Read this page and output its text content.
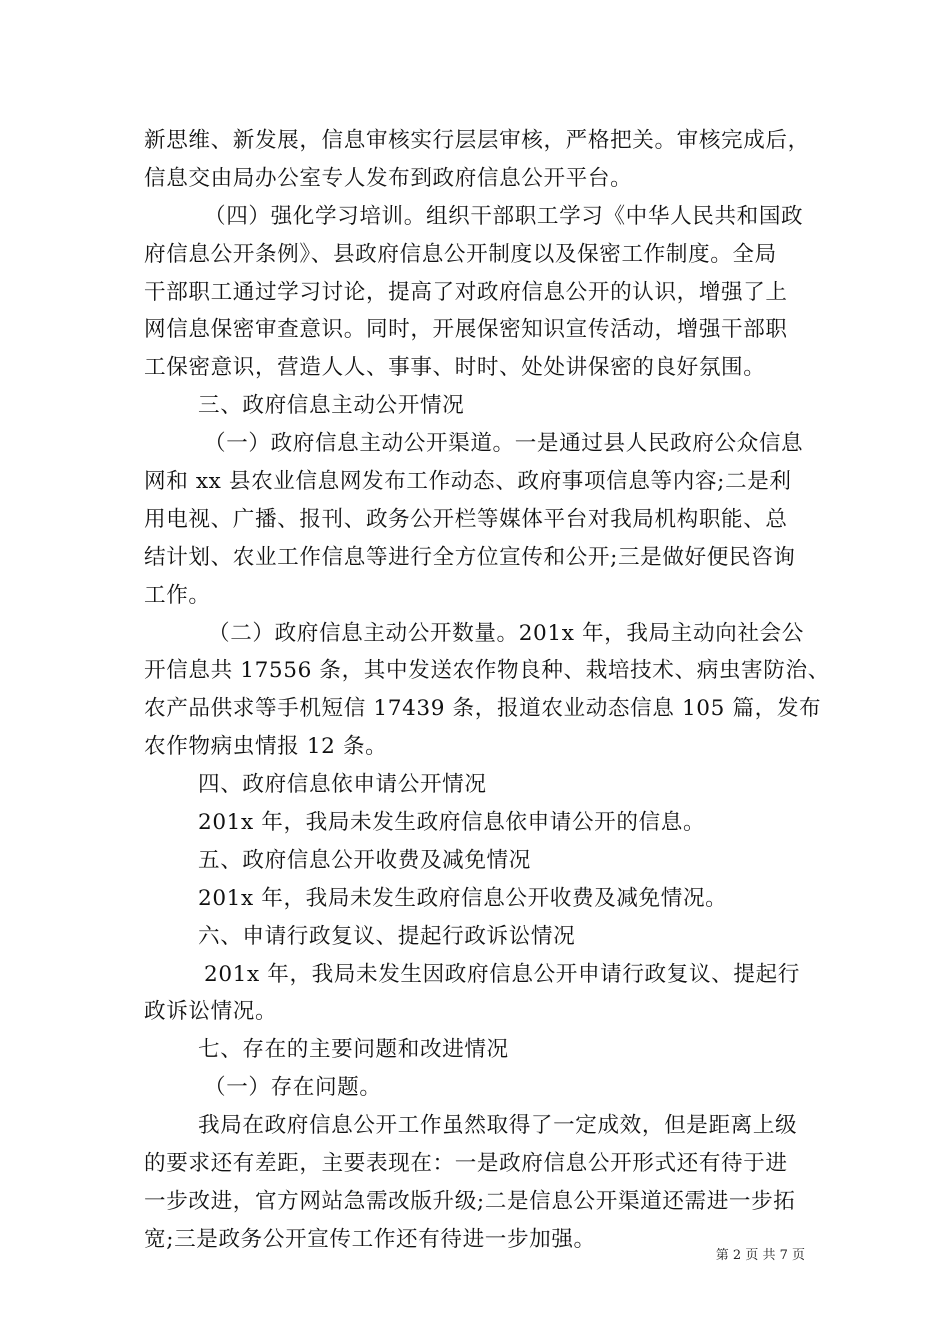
新思维、新发展，信息审核实行层层审核，严格把关。审核完成后，
信息交由局办公室专人发布到政府信息公开平台。
（四）强化学习培训。组织干部职工学习《中华人民共和国政
府信息公开条例》、县政府信息公开制度以及保密工作制度。全局
干部职工通过学习讨论，提高了对政府信息公开的认识，增强了上
网信息保密审查意识。同时，开展保密知识宣传活动，增强干部职
工保密意识，营造人人、事事、时时、处处讲保密的良好氛围。
三、政府信息主动公开情况
（一）政府信息主动公开渠道。一是通过县人民政府公众信息
网和 xx 县农业信息网发布工作动态、政府事项信息等内容;二是利
用电视、广播、报刊、政务公开栏等媒体平台对我局机构职能、总
结计划、农业工作信息等进行全方位宣传和公开;三是做好便民咨询
工作。
（二）政府信息主动公开数量。201x 年，我局主动向社会公
开信息共 17556 条，其中发送农作物良种、栽培技术、病虫害防治、
农产品供求等手机短信 17439 条，报道农业动态信息 105 篇，发布
农作物病虫情报 12 条。
四、政府信息依申请公开情况
201x 年，我局未发生政府信息依申请公开的信息。
五、政府信息公开收费及减免情况
201x 年，我局未发生政府信息公开收费及减免情况。
六、申请行政复议、提起行政诉讼情况
201x 年，我局未发生因政府信息公开申请行政复议、提起行
政诉讼情况。
七、存在的主要问题和改进情况
（一）存在问题。
我局在政府信息公开工作虽然取得了一定成效，但是距离上级
的要求还有差距，主要表现在：一是政府信息公开形式还有待于进
一步改进，官方网站急需改版升级;二是信息公开渠道还需进一步拓
宽;三是政务公开宣传工作还有待进一步加强。
第 2 页 共 7 页
